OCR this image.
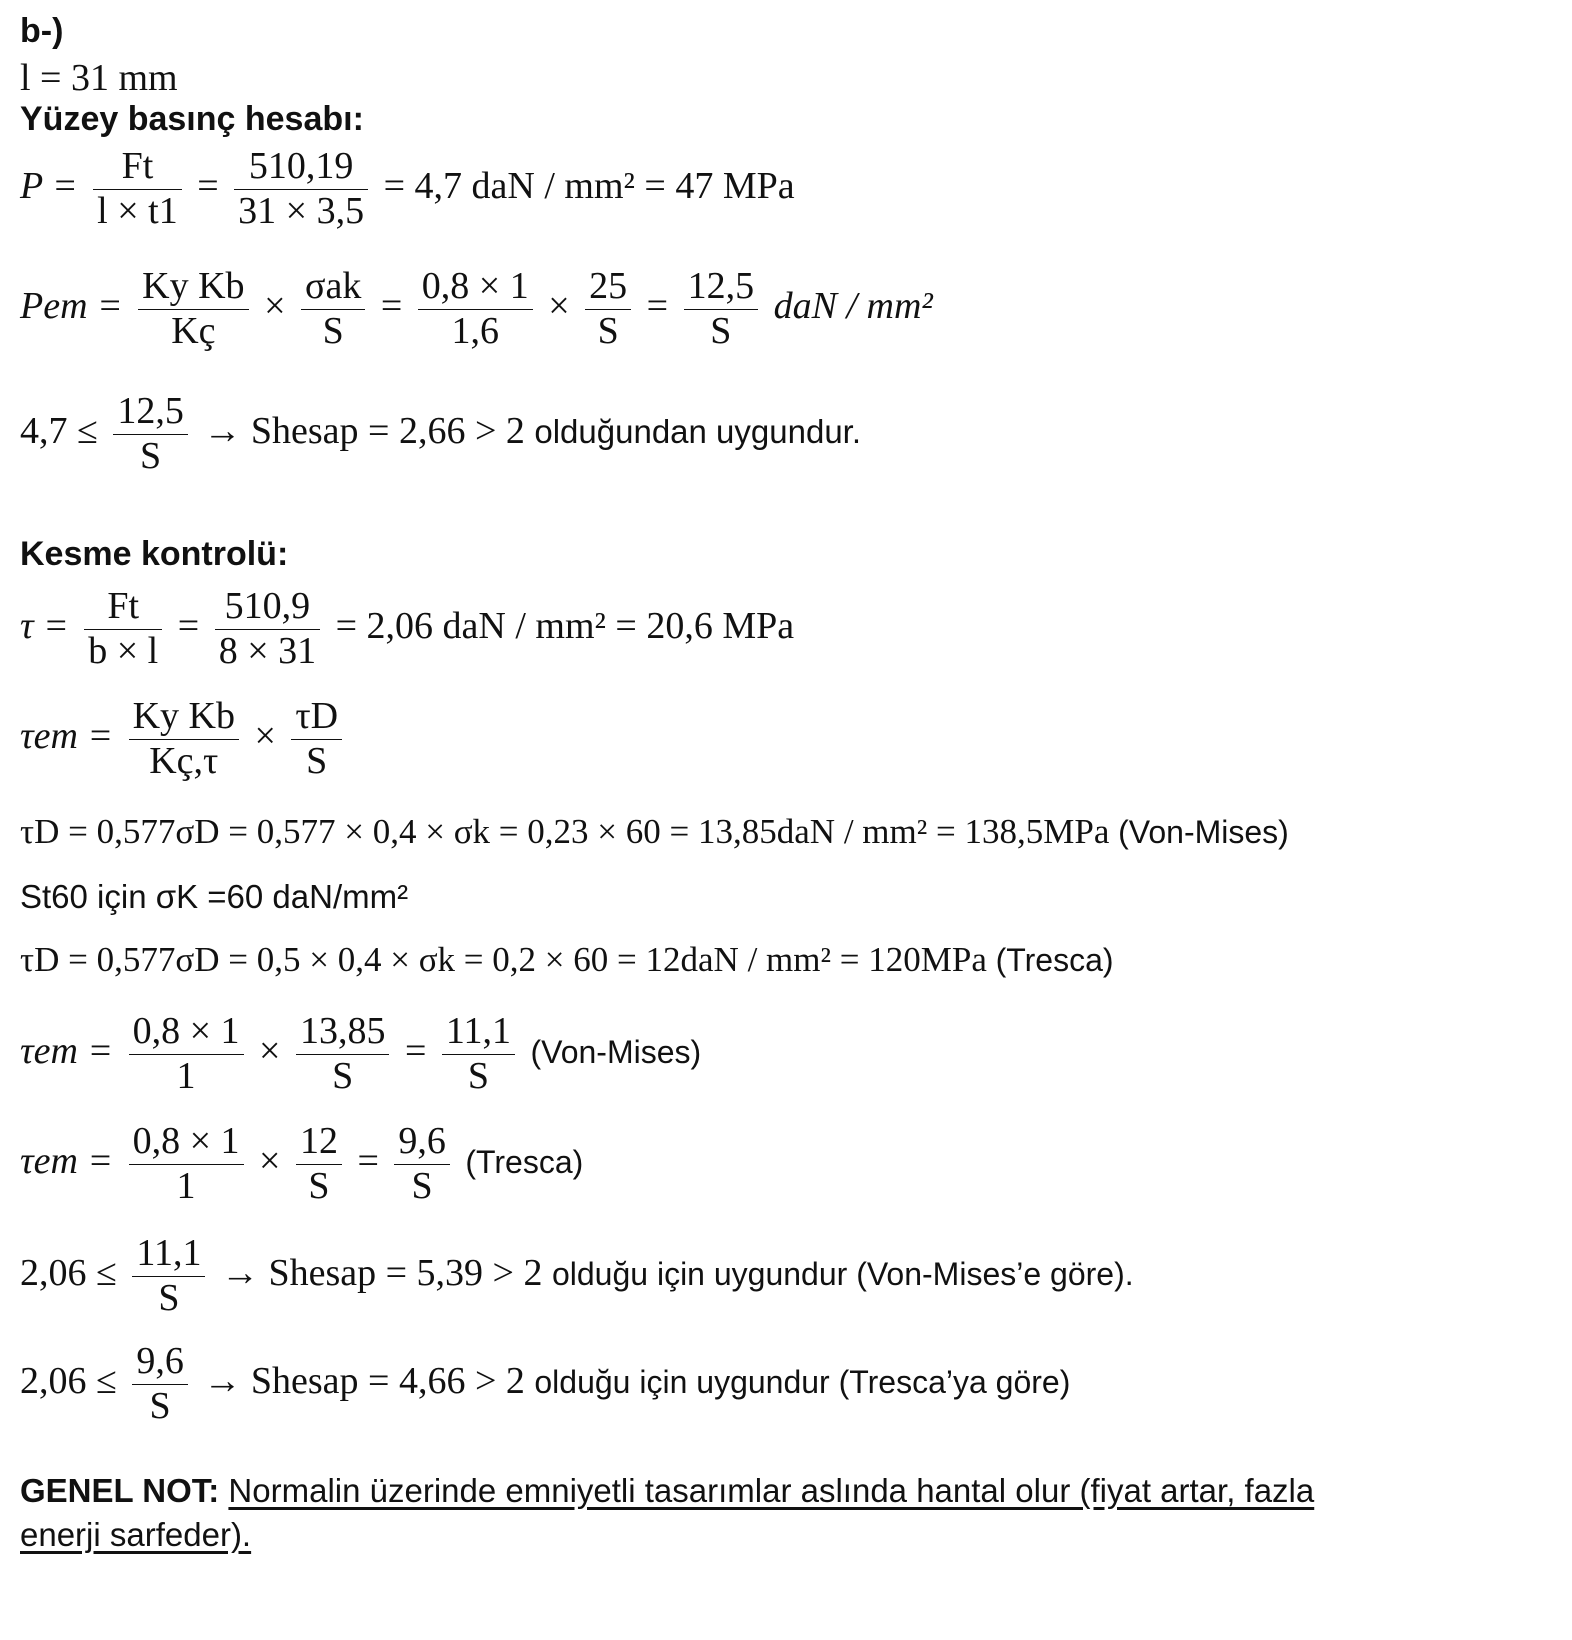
b-)
l = 31 mm
Yüzey basınç hesabı:
$P = \frac{Ft}{l \times t1} = \frac{510,19}{31 \times 3,5} = 4,7$ daN / mm² = 47 MPa
Pem = $\frac{\text{Ky Kb}}{Kç} \times \frac{\text{σak}}{S} = \frac{0,8 \times 1}{1,6} \times \frac{25}{S} = \frac{12,5}{S}$ daN / mm²
$4,7 \le \frac{12,5}{S}$ → Shesap = 2,66 > 2 olduğundan uygundur.
Kesme kontrolü:
$\tau = \frac{Ft}{b \times l} = \frac{510,9}{8 \times 31} = 2,06$ daN / mm² = 20,6 MPa
$\tau em = \frac{\text{Ky Kb}}{Kç,\tau} \times \frac{\tau D}{S}$
τD = 0,577σD = 0,577 × 0,4 × σk = 0,23 × 60 = 13,85daN / mm² = 138,5MPa (Von-Mises)
St60 için σK =60 daN/mm²
τD = 0,577σD = 0,5 × 0,4 × σk = 0,2 × 60 = 12daN / mm² = 120MPa (Tresca)
$\tau em = \frac{0,8 \times 1}{1} \times \frac{13,85}{S} = \frac{11,1}{S}$ (Von-Mises)
$\tau em = \frac{0,8 \times 1}{1} \times \frac{12}{S} = \frac{9,6}{S}$ (Tresca)
$2,06 \le \frac{11,1}{S}$ → Shesap = 5,39 > 2 olduğu için uygundur (Von-Mises’e göre).
$2,06 \le \frac{9,6}{S}$ → Shesap = 4,66 > 2 olduğu için uygundur (Tresca’ya göre)
GENEL NOT: Normalin üzerinde emniyetli tasarımlar aslında hantal olur (fiyat artar, fazla
enerji sarfeder).
